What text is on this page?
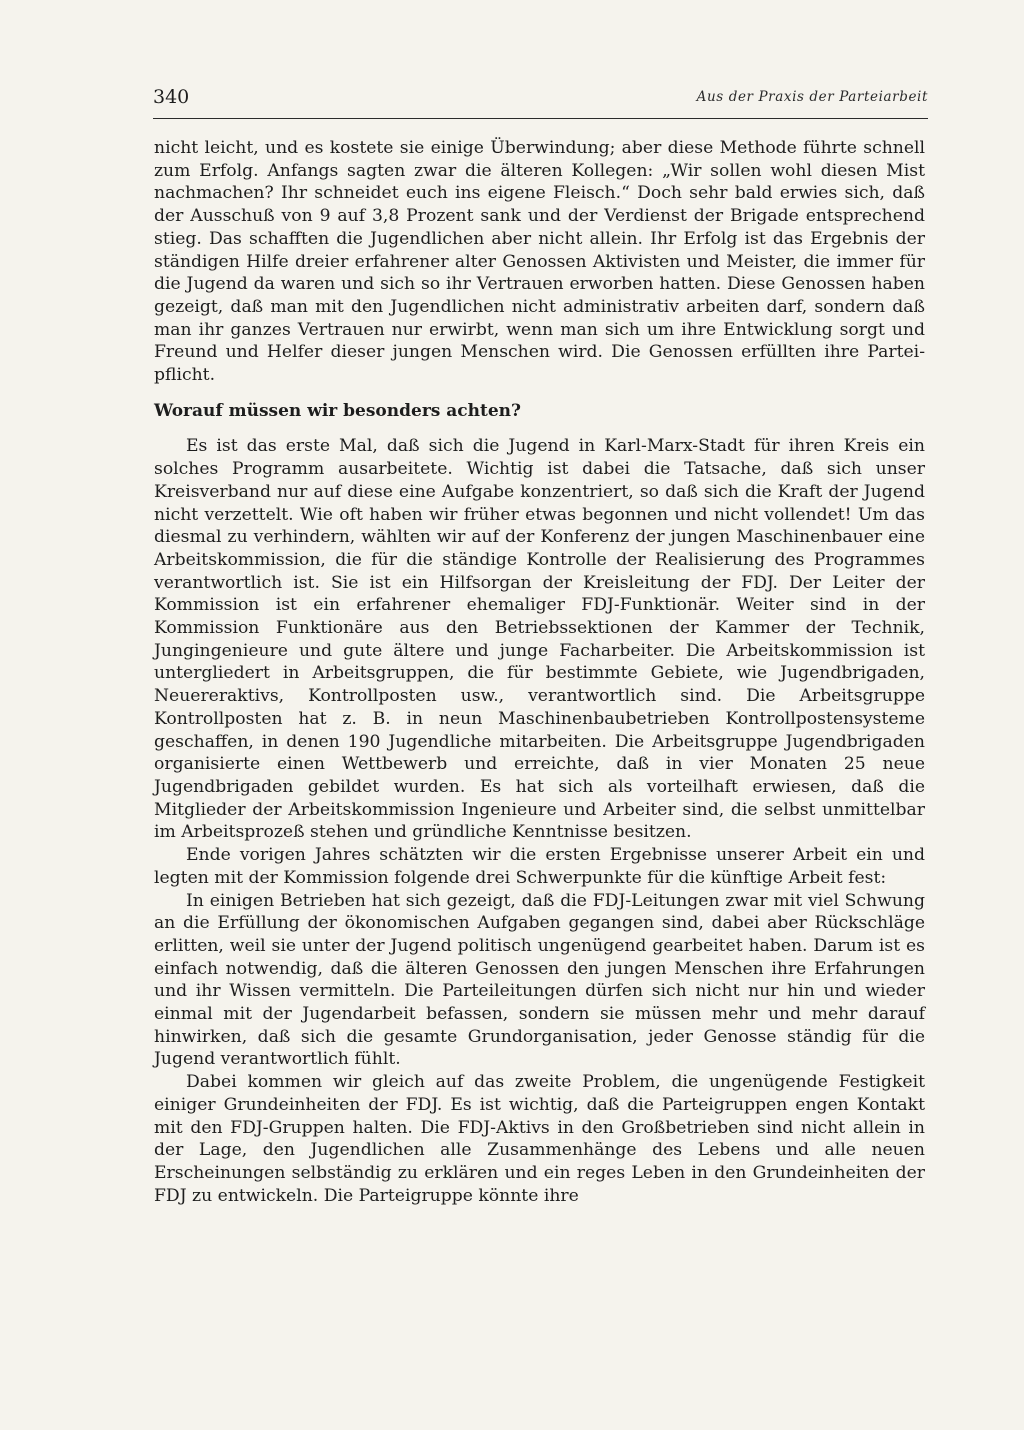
340	Aus der Praxis der Parteiarbeit

nicht leicht, und es kostete sie einige Überwindung; aber diese Methode führte schnell zum Erfolg. Anfangs sagten zwar die älteren Kollegen: „Wir sollen wohl diesen Mist nachmachen? Ihr schneidet euch ins eigene Fleisch.“ Doch sehr bald erwies sich, daß der Ausschuß von 9 auf 3,8 Prozent sank und der Verdienst der Brigade entsprechend stieg. Das schafften die Jugendlichen aber nicht allein. Ihr Erfolg ist das Ergebnis der ständigen Hilfe dreier erfahrener alter Genossen Aktivisten und Meister, die immer für die Jugend da waren und sich so ihr Vertrauen erworben hatten. Diese Genossen haben gezeigt, daß man mit den Jugendlichen nicht administrativ arbeiten darf, sondern daß man ihr ganzes Vertrauen nur erwirbt, wenn man sich um ihre Entwicklung sorgt und Freund und Helfer dieser jungen Menschen wird. Die Genossen erfüllten ihre Parteipflicht.

Worauf müssen wir besonders achten?

Es ist das erste Mal, daß sich die Jugend in Karl-Marx-Stadt für ihren Kreis ein solches Programm ausarbeitete. Wichtig ist dabei die Tatsache, daß sich unser Kreisverband nur auf diese eine Aufgabe konzentriert, so daß sich die Kraft der Jugend nicht verzettelt. Wie oft haben wir früher etwas begonnen und nicht vollendet! Um das diesmal zu verhindern, wählten wir auf der Konferenz der jungen Maschinenbauer eine Arbeitskommission, die für die ständige Kontrolle der Realisierung des Programmes verantwortlich ist. Sie ist ein Hilfsorgan der Kreisleitung der FDJ. Der Leiter der Kommission ist ein erfahrener ehemaliger FDJ-Funktionär. Weiter sind in der Kommission Funktionäre aus den Betriebssektionen der Kammer der Technik, Jungingenieure und gute ältere und junge Facharbeiter. Die Arbeitskommission ist untergliedert in Arbeitsgruppen, die für bestimmte Gebiete, wie Jugendbrigaden, Neuereraktivs, Kontrollposten usw., verantwortlich sind. Die Arbeitsgruppe Kontrollposten hat z. B. in neun Maschinenbaubetrieben Kontrollpostensysteme geschaffen, in denen 190 Jugendliche mitarbeiten. Die Arbeitsgruppe Jugendbrigaden organisierte einen Wettbewerb und erreichte, daß in vier Monaten 25 neue Jugendbrigaden gebildet wurden. Es hat sich als vorteilhaft erwiesen, daß die Mitglieder der Arbeitskommission Ingenieure und Arbeiter sind, die selbst unmittelbar im Arbeitsprozeß stehen und gründliche Kenntnisse besitzen.

Ende vorigen Jahres schätzten wir die ersten Ergebnisse unserer Arbeit ein und legten mit der Kommission folgende drei Schwerpunkte für die künftige Arbeit fest:

In einigen Betrieben hat sich gezeigt, daß die FDJ-Leitungen zwar mit viel Schwung an die Erfüllung der ökonomischen Aufgaben gegangen sind, dabei aber Rückschläge erlitten, weil sie unter der Jugend politisch ungenügend gearbeitet haben. Darum ist es einfach notwendig, daß die älteren Genossen den jungen Menschen ihre Erfahrungen und ihr Wissen vermitteln. Die Parteileitungen dürfen sich nicht nur hin und wieder einmal mit der Jugendarbeit befassen, sondern sie müssen mehr und mehr darauf hinwirken, daß sich die gesamte Grundorganisation, jeder Genosse ständig für die Jugend verantwortlich fühlt.

Dabei kommen wir gleich auf das zweite Problem, die ungenügende Festigkeit einiger Grundeinheiten der FDJ. Es ist wichtig, daß die Parteigruppen engen Kontakt mit den FDJ-Gruppen halten. Die FDJ-Aktivs in den Großbetrieben sind nicht allein in der Lage, den Jugendlichen alle Zusammenhänge des Lebens und alle neuen Erscheinungen selbständig zu erklären und ein reges Leben in den Grundeinheiten der FDJ zu entwickeln. Die Parteigruppe könnte ihre
